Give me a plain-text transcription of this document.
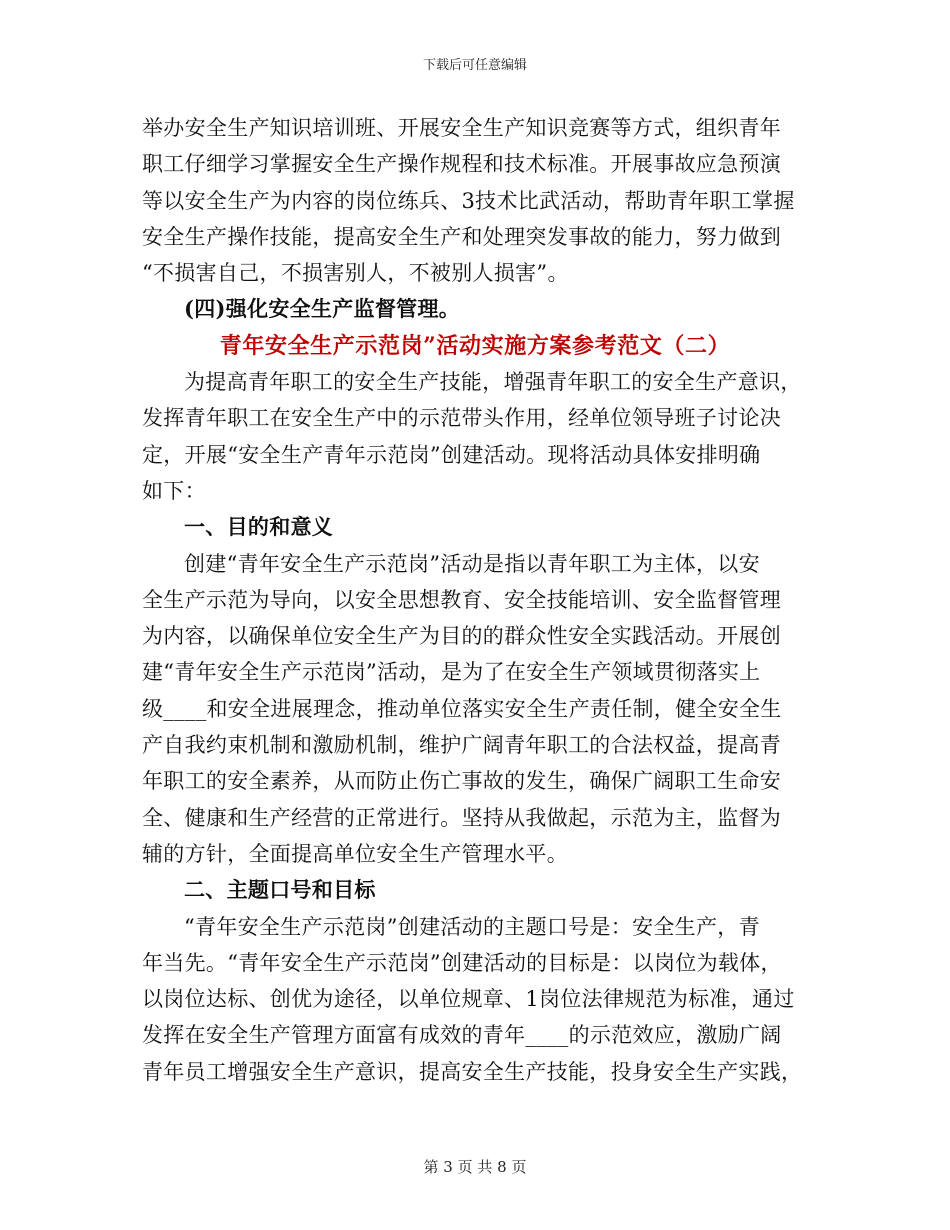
下载后可任意编辑
举办安全生产知识培训班、开展安全生产知识竞赛等方式，组织青年
职工仔细学习掌握安全生产操作规程和技术标准。开展事故应急预演
等以安全生产为内容的岗位练兵、3技术比武活动，帮助青年职工掌握
安全生产操作技能，提高安全生产和处理突发事故的能力，努力做到
“不损害自己，不损害别人，不被别人损害”。
(四)强化安全生产监督管理。
青年安全生产示范岗”活动实施方案参考范文（二）
为提高青年职工的安全生产技能，增强青年职工的安全生产意识，
发挥青年职工在安全生产中的示范带头作用，经单位领导班子讨论决
定，开展“安全生产青年示范岗”创建活动。现将活动具体安排明确
如下：
一、目的和意义
创建“青年安全生产示范岗”活动是指以青年职工为主体，以安
全生产示范为导向，以安全思想教育、安全技能培训、安全监督管理
为内容，以确保单位安全生产为目的的群众性安全实践活动。开展创
建“青年安全生产示范岗”活动，是为了在安全生产领域贯彻落实上
级____和安全进展理念，推动单位落实安全生产责任制，健全安全生
产自我约束机制和激励机制，维护广阔青年职工的合法权益，提高青
年职工的安全素养，从而防止伤亡事故的发生，确保广阔职工生命安
全、健康和生产经营的正常进行。坚持从我做起，示范为主，监督为
辅的方针，全面提高单位安全生产管理水平。
二、主题口号和目标
“青年安全生产示范岗”创建活动的主题口号是：安全生产，青
年当先。“青年安全生产示范岗”创建活动的目标是：以岗位为载体，
以岗位达标、创优为途径，以单位规章、1岗位法律规范为标准，通过
发挥在安全生产管理方面富有成效的青年____的示范效应，激励广阔
青年员工增强安全生产意识，提高安全生产技能，投身安全生产实践，
第 3 页 共 8 页
